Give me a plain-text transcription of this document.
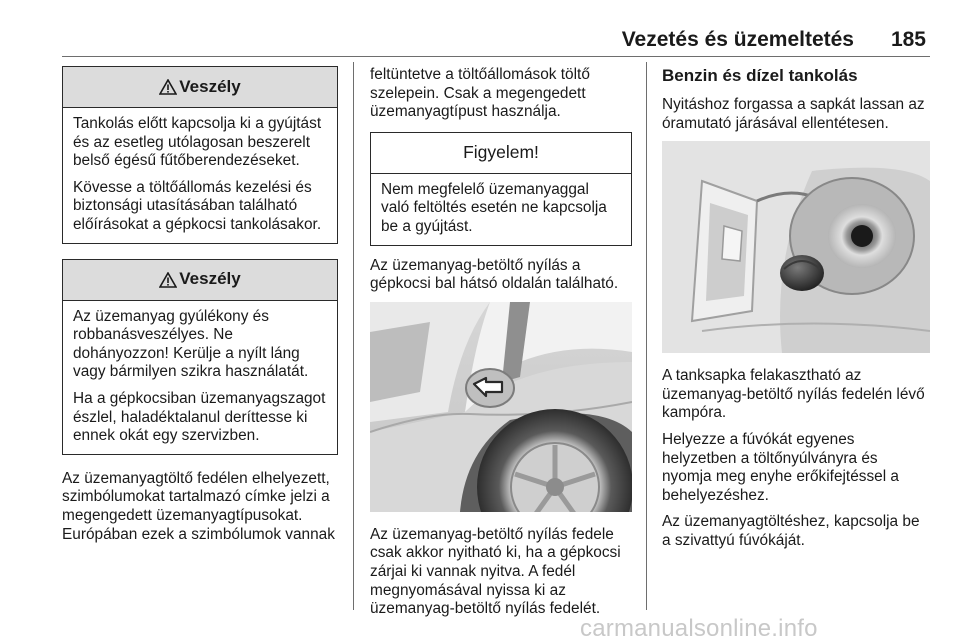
Vezetés és üzemeltetés 185
Veszély

Tankolás előtt kapcsolja ki a gyújtást és az esetleg utólagosan beszerelt belső égésű fűtőberendezéseket.

Kövesse a töltőállomás kezelési és biztonsági utasításában található előírásokat a gépkocsi tankolásakor.

Veszély

Az üzemanyag gyúlékony és robbanásveszélyes. Ne dohányozzon! Kerülje a nyílt láng vagy bármilyen szikra használatát.

Ha a gépkocsiban üzemanyagszagot észlel, haladéktalanul deríttesse ki ennek okát egy szervizben.

Az üzemanyagtöltő fedélen elhelyezett, szimbólumokat tartalmazó címke jelzi a megengedett üzemanyagtípusokat. Európában ezek a szimbólumok vannak

feltüntetve a töltőállomások töltő szelepein. Csak a megengedett üzemanyagtípust használja.

Figyelem!

Nem megfelelő üzemanyaggal való feltöltés esetén ne kapcsolja be a gyújtást.

Az üzemanyag-betöltő nyílás a gépkocsi bal hátsó oldalán található.

Az üzemanyag-betöltő nyílás fedele csak akkor nyitható ki, ha a gépkocsi zárjai ki vannak nyitva. A fedél megnyomásával nyissa ki az üzemanyag-betöltő nyílás fedelét.

Benzin és dízel tankolás

Nyitáshoz forgassa a sapkát lassan az óramutató járásával ellentétesen.

A tanksapka felakasztható az üzemanyag-betöltő nyílás fedelén lévő kampóra.

Helyezze a fúvókát egyenes helyzetben a töltőnyúlványra és nyomja meg enyhe erőkifejtéssel a behelyezéshez.

Az üzemanyagtöltéshez, kapcsolja be a szivattyú fúvókáját.

carmanualsonline.info
